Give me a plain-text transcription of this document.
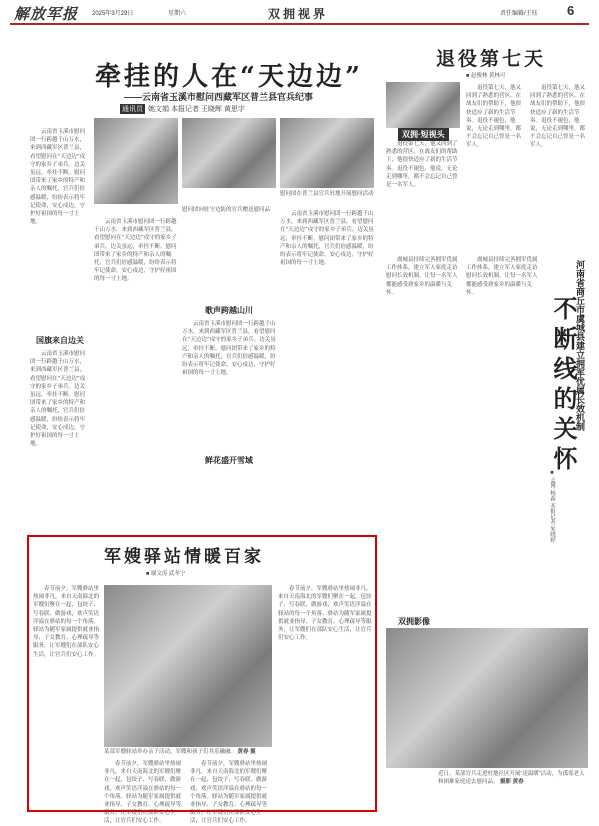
解放军报 2025年3月29日	星期六	双拥视界	责任编辑/王钰 6
牵挂的人在“天边边”
——云南省玉溪市慰问西藏军区普兰县官兵纪事
通讯员 姚文娟 本报记者 王晓辉 黄思宇
慰问团在普兰县官兵驻地开展慰问活动
慰问团向驻守边防的官兵赠送慰问品

云南省玉溪市慰问团一行跨越千山万水，来到西藏军区普兰县，看望慰问在“天边边”戍守的家乡子弟兵。边关虽远，牵挂不断。慰问团带来了家乡的特产和亲人的嘱托，官兵们倍感温暖，纷纷表示将牢记使命，安心戍边，守护好祖国的每一寸土地。

国旗来自边关

云南省玉溪市慰问团一行跨越千山万水，来到西藏军区普兰县，看望慰问在“天边边”戍守的家乡子弟兵。边关虽远，牵挂不断。慰问团带来了家乡的特产和亲人的嘱托，官兵们倍感温暖，纷纷表示将牢记使命，安心戍边，守护好祖国的每一寸土地。

云南省玉溪市慰问团一行跨越千山万水，来到西藏军区普兰县，看望慰问在“天边边”戍守的家乡子弟兵。边关虽远，牵挂不断。慰问团带来了家乡的特产和亲人的嘱托，官兵们倍感温暖，纷纷表示将牢记使命，安心戍边，守护好祖国的每一寸土地。

歌声跨越山川

云南省玉溪市慰问团一行跨越千山万水，来到西藏军区普兰县，看望慰问在“天边边”戍守的家乡子弟兵。边关虽远，牵挂不断。慰问团带来了家乡的特产和亲人的嘱托，官兵们倍感温暖，纷纷表示将牢记使命，安心戍边，守护好祖国的每一寸土地。

鲜花盛开雪域

云南省玉溪市慰问团一行跨越千山万水，来到西藏军区普兰县，看望慰问在“天边边”戍守的家乡子弟兵。边关虽远，牵挂不断。慰问团带来了家乡的特产和亲人的嘱托，官兵们倍感温暖，纷纷表示将牢记使命，安心戍边，守护好祖国的每一寸土地。

退役第七天
■ 赵俊林 黄林可
双拥·短视头

退役第七天，他又回到了熟悉的营区。在战友们的帮助下，他很快适应了新的生活节奏。退役不褪色，他说，无论走到哪里，都不会忘记自己曾是一名军人。

退役第七天，他又回到了熟悉的营区。在战友们的帮助下，他很快适应了新的生活节奏。退役不褪色，他说，无论走到哪里，都不会忘记自己曾是一名军人。

退役第七天，他又回到了熟悉的营区。在战友们的帮助下，他很快适应了新的生活节奏。退役不褪色，他说，无论走到哪里，都不会忘记自己曾是一名军人。

虞城县持续完善拥军优属工作体系，建立军人家庭走访慰问长效机制，让每一名军人都能感受到家乡的温暖与关怀。

虞城县持续完善拥军优属工作体系，建立军人家庭走访慰问长效机制，让每一名军人都能感受到家乡的温暖与关怀。	河南省商丘市虞城县建立拥军优属长效机制
不断线的关怀
■ 孟博 杨淼 本报记者 朱晓婷
双拥影像
近日，某部官兵走进驻地社区开展“送温暖”活动，为孤寡老人和困难家庭送去慰问品。 摄影 黄春
军嫂驿站情暖百家
■ 谢文涛 武冬宁

春节前夕，军嫂驿站里热闹非凡。来自天南海北的军嫂们聚在一起，包饺子、写春联、做游戏，欢声笑语洋溢在驿站的每一个角落。驿站为随军家属提供就业指导、子女教育、心理疏导等服务，让军嫂们在部队安心生活，让官兵们安心工作。

某部军嫂驿站举办亲子活动，军嫂和孩子们其乐融融。 黄春 摄

春节前夕，军嫂驿站里热闹非凡。来自天南海北的军嫂们聚在一起，包饺子、写春联、做游戏，欢声笑语洋溢在驿站的每一个角落。驿站为随军家属提供就业指导、子女教育、心理疏导等服务，让军嫂们在部队安心生活，让官兵们安心工作。

春节前夕，军嫂驿站里热闹非凡。来自天南海北的军嫂们聚在一起，包饺子、写春联、做游戏，欢声笑语洋溢在驿站的每一个角落。驿站为随军家属提供就业指导、子女教育、心理疏导等服务，让军嫂们在部队安心生活，让官兵们安心工作。

春节前夕，军嫂驿站里热闹非凡。来自天南海北的军嫂们聚在一起，包饺子、写春联、做游戏，欢声笑语洋溢在驿站的每一个角落。驿站为随军家属提供就业指导、子女教育、心理疏导等服务，让军嫂们在部队安心生活，让官兵们安心工作。
